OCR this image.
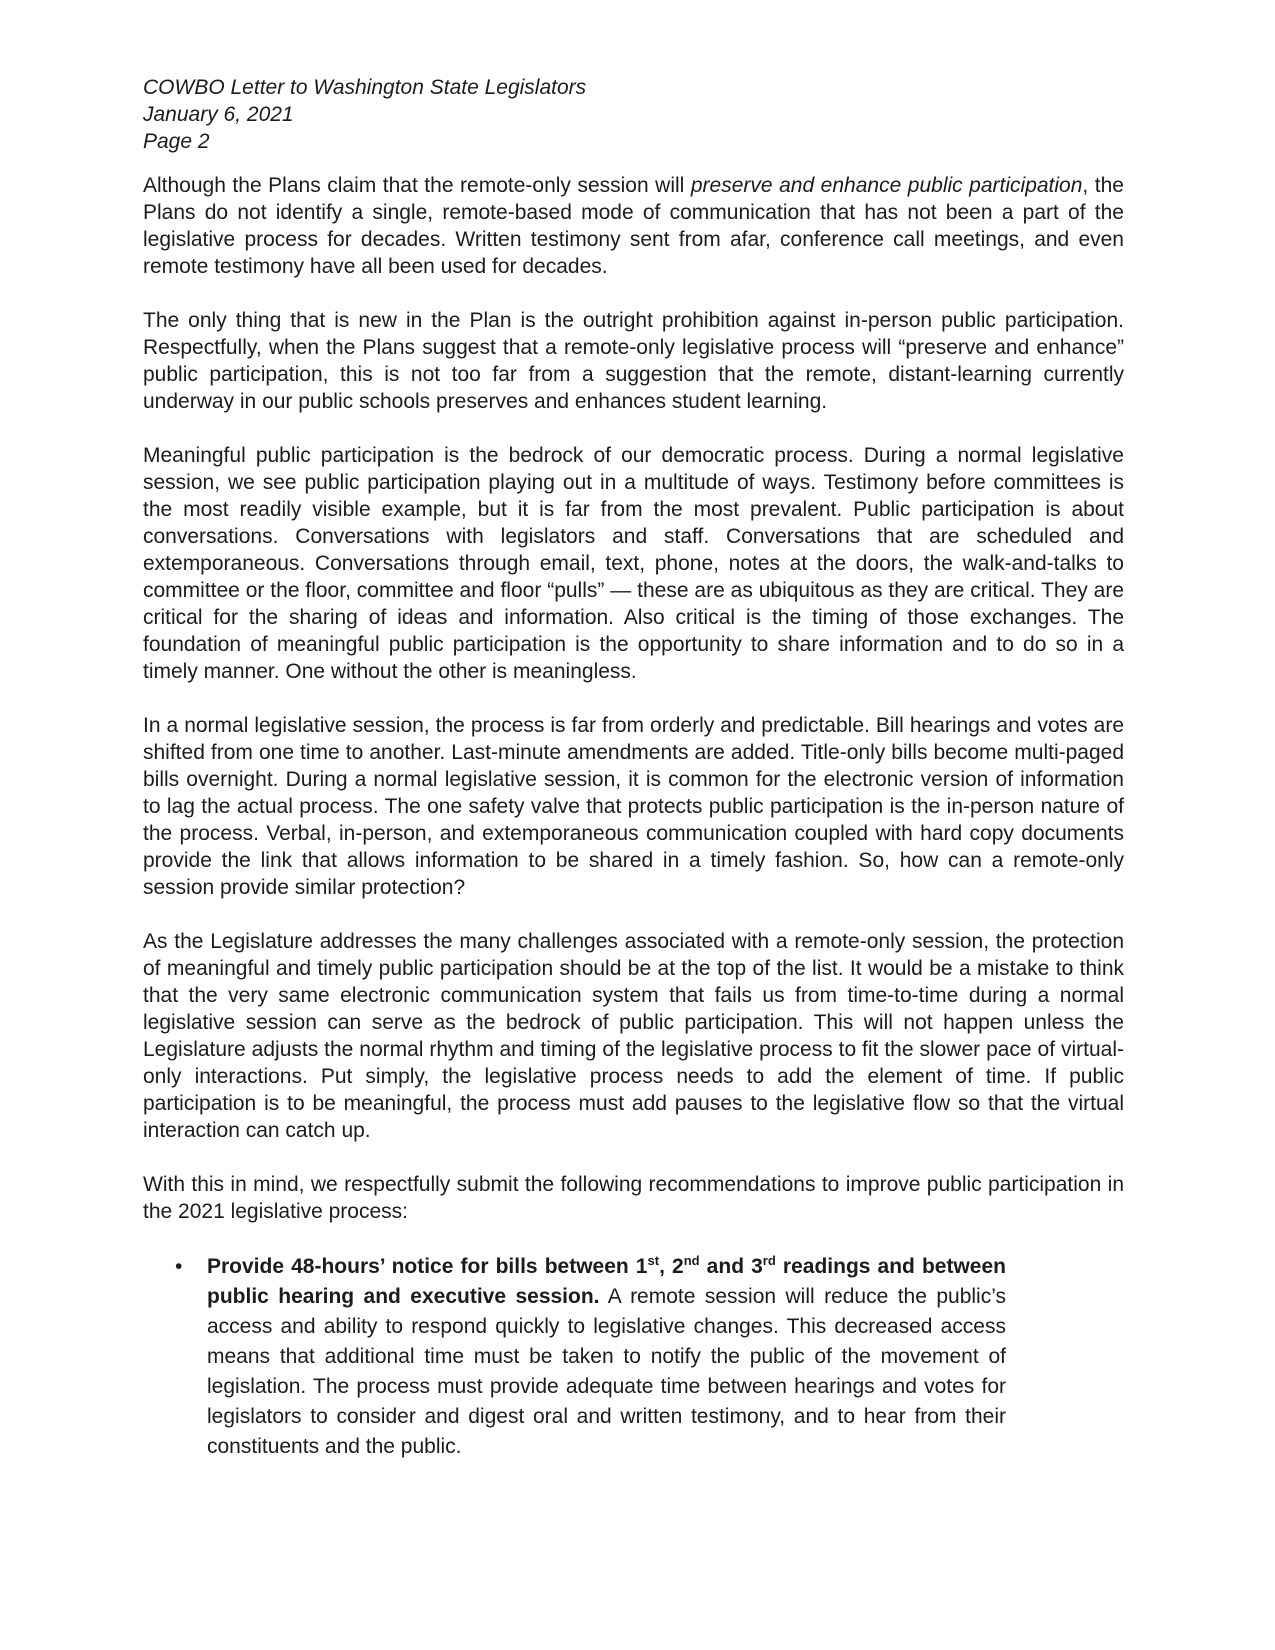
COWBO Letter to Washington State Legislators
January 6, 2021
Page 2

Although the Plans claim that the remote-only session will preserve and enhance public participation, the Plans do not identify a single, remote-based mode of communication that has not been a part of the legislative process for decades. Written testimony sent from afar, conference call meetings, and even remote testimony have all been used for decades.

The only thing that is new in the Plan is the outright prohibition against in-person public participation. Respectfully, when the Plans suggest that a remote-only legislative process will “preserve and enhance” public participation, this is not too far from a suggestion that the remote, distant-learning currently underway in our public schools preserves and enhances student learning.

Meaningful public participation is the bedrock of our democratic process. During a normal legislative session, we see public participation playing out in a multitude of ways. Testimony before committees is the most readily visible example, but it is far from the most prevalent. Public participation is about conversations. Conversations with legislators and staff. Conversations that are scheduled and extemporaneous. Conversations through email, text, phone, notes at the doors, the walk-and-talks to committee or the floor, committee and floor “pulls” — these are as ubiquitous as they are critical. They are critical for the sharing of ideas and information. Also critical is the timing of those exchanges. The foundation of meaningful public participation is the opportunity to share information and to do so in a timely manner. One without the other is meaningless.

In a normal legislative session, the process is far from orderly and predictable. Bill hearings and votes are shifted from one time to another. Last-minute amendments are added. Title-only bills become multi-paged bills overnight. During a normal legislative session, it is common for the electronic version of information to lag the actual process. The one safety valve that protects public participation is the in-person nature of the process. Verbal, in-person, and extemporaneous communication coupled with hard copy documents provide the link that allows information to be shared in a timely fashion. So, how can a remote-only session provide similar protection?

As the Legislature addresses the many challenges associated with a remote-only session, the protection of meaningful and timely public participation should be at the top of the list. It would be a mistake to think that the very same electronic communication system that fails us from time-to-time during a normal legislative session can serve as the bedrock of public participation. This will not happen unless the Legislature adjusts the normal rhythm and timing of the legislative process to fit the slower pace of virtual-only interactions. Put simply, the legislative process needs to add the element of time. If public participation is to be meaningful, the process must add pauses to the legislative flow so that the virtual interaction can catch up.

With this in mind, we respectfully submit the following recommendations to improve public participation in the 2021 legislative process:

•	Provide 48-hours’ notice for bills between 1st, 2nd and 3rd readings and between public hearing and executive session. A remote session will reduce the public’s access and ability to respond quickly to legislative changes. This decreased access means that additional time must be taken to notify the public of the movement of legislation. The process must provide adequate time between hearings and votes for legislators to consider and digest oral and written testimony, and to hear from their constituents and the public.
